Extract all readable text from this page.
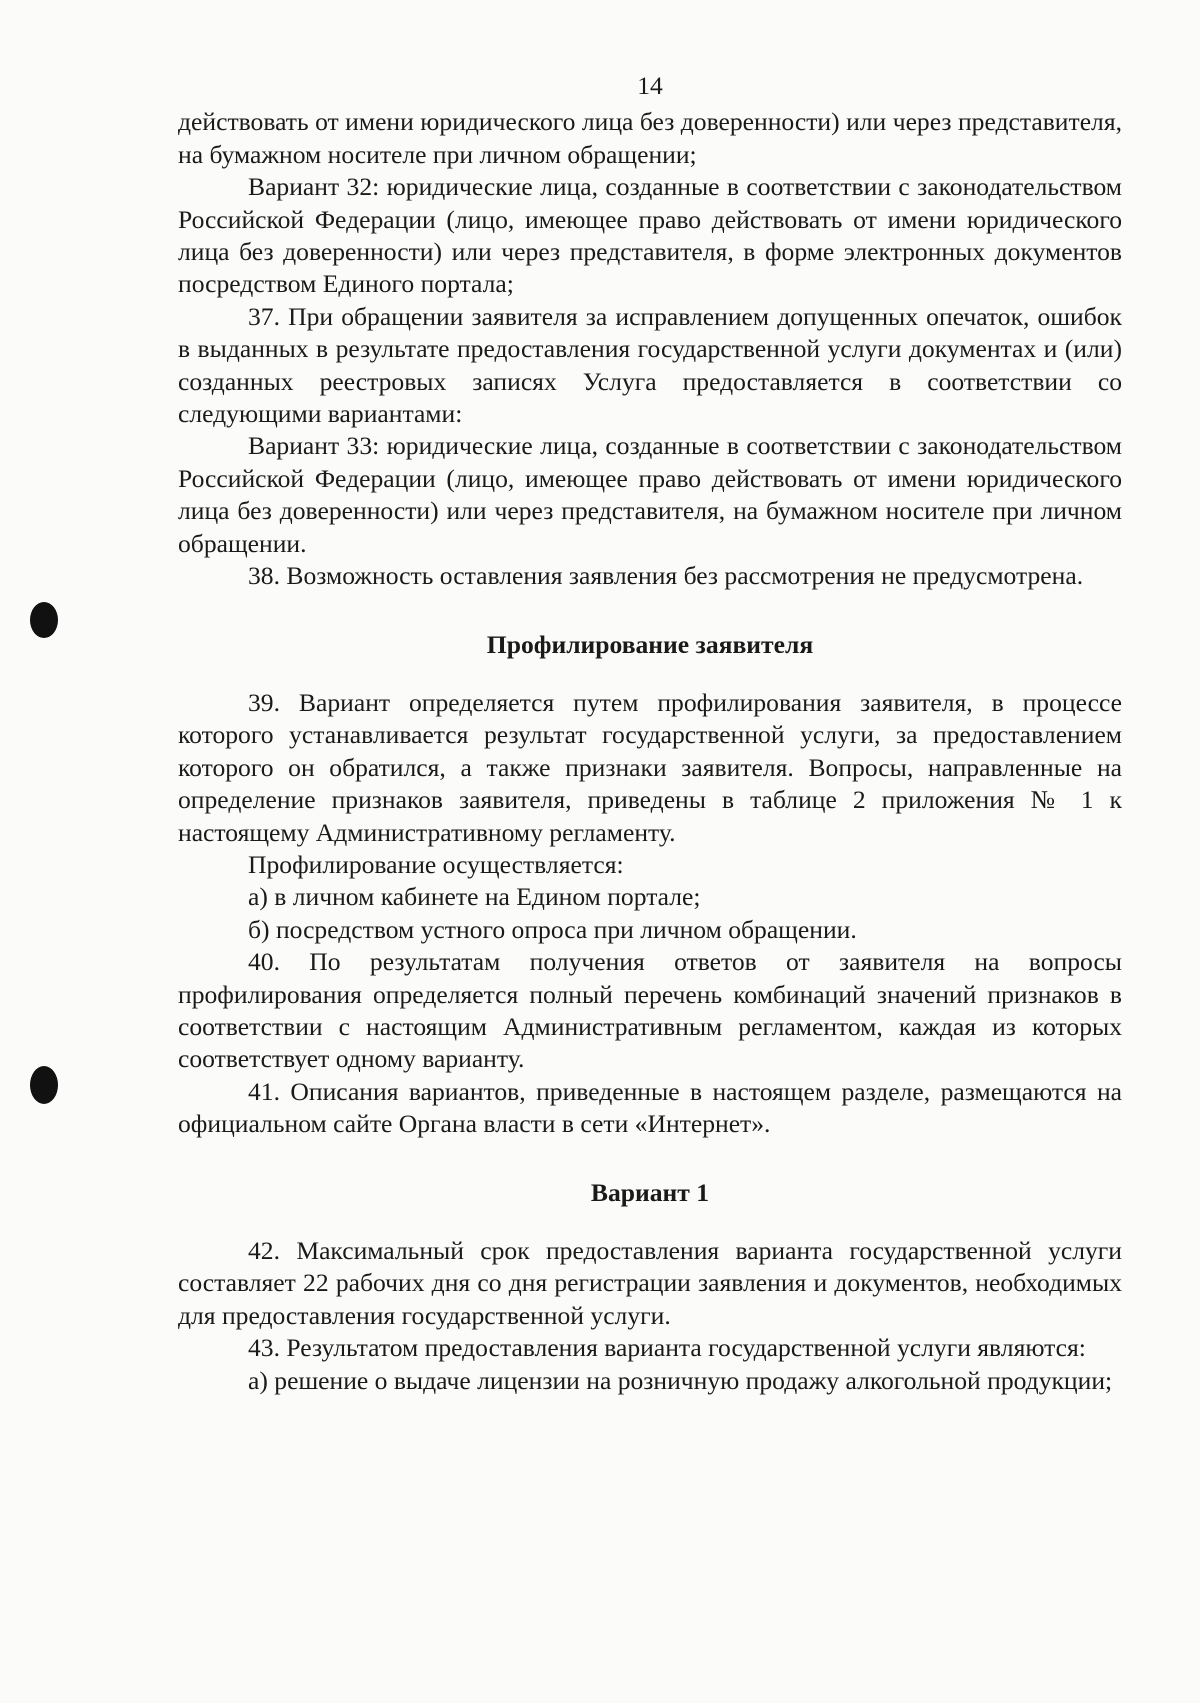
14

действовать от имени юридического лица без доверенности) или через представителя, на бумажном носителе при личном обращении;

Вариант 32: юридические лица, созданные в соответствии с законодательством Российской Федерации (лицо, имеющее право действовать от имени юридического лица без доверенности) или через представителя, в форме электронных документов посредством Единого портала;

37. При обращении заявителя за исправлением допущенных опечаток, ошибок в выданных в результате предоставления государственной услуги документах и (или) созданных реестровых записях Услуга предоставляется в соответствии со следующими вариантами:

Вариант 33: юридические лица, созданные в соответствии с законодательством Российской Федерации (лицо, имеющее право действовать от имени юридического лица без доверенности) или через представителя, на бумажном носителе при личном обращении.

38. Возможность оставления заявления без рассмотрения не предусмотрена.

Профилирование заявителя

39. Вариант определяется путем профилирования заявителя, в процессе которого устанавливается результат государственной услуги, за предоставлением которого он обратился, а также признаки заявителя. Вопросы, направленные на определение признаков заявителя, приведены в таблице 2 приложения № 1 к настоящему Административному регламенту.

Профилирование осуществляется:

а) в личном кабинете на Едином портале;

б) посредством устного опроса при личном обращении.

40. По результатам получения ответов от заявителя на вопросы профилирования определяется полный перечень комбинаций значений признаков в соответствии с настоящим Административным регламентом, каждая из которых соответствует одному варианту.

41. Описания вариантов, приведенные в настоящем разделе, размещаются на официальном сайте Органа власти в сети «Интернет».

Вариант 1

42. Максимальный срок предоставления варианта государственной услуги составляет 22 рабочих дня со дня регистрации заявления и документов, необходимых для предоставления государственной услуги.

43. Результатом предоставления варианта государственной услуги являются:

а) решение о выдаче лицензии на розничную продажу алкогольной продукции;
